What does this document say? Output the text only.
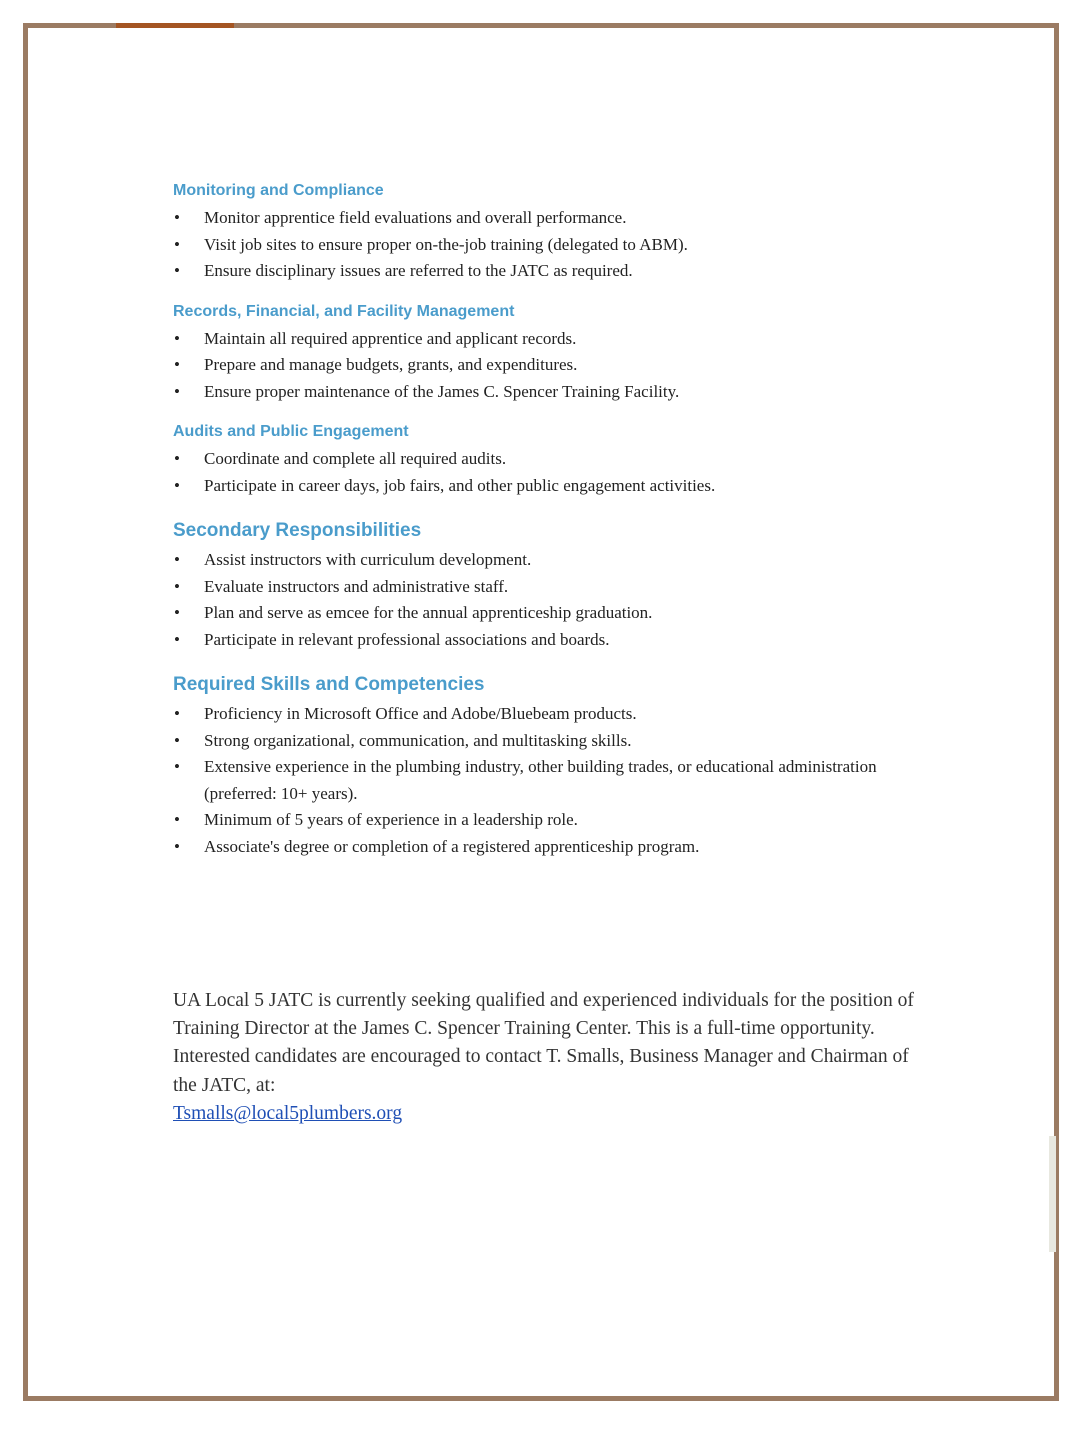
Monitoring and Compliance
• Monitor apprentice field evaluations and overall performance.
• Visit job sites to ensure proper on-the-job training (delegated to ABM).
• Ensure disciplinary issues are referred to the JATC as required.
Records, Financial, and Facility Management
• Maintain all required apprentice and applicant records.
• Prepare and manage budgets, grants, and expenditures.
• Ensure proper maintenance of the James C. Spencer Training Facility.
Audits and Public Engagement
• Coordinate and complete all required audits.
• Participate in career days, job fairs, and other public engagement activities.
Secondary Responsibilities
• Assist instructors with curriculum development.
• Evaluate instructors and administrative staff.
• Plan and serve as emcee for the annual apprenticeship graduation.
• Participate in relevant professional associations and boards.
Required Skills and Competencies
• Proficiency in Microsoft Office and Adobe/Bluebeam products.
• Strong organizational, communication, and multitasking skills.
• Extensive experience in the plumbing industry, other building trades, or educational administration (preferred: 10+ years).
• Minimum of 5 years of experience in a leadership role.
• Associate's degree or completion of a registered apprenticeship program.

UA Local 5 JATC is currently seeking qualified and experienced individuals for the position of Training Director at the James C. Spencer Training Center. This is a full-time opportunity.

Interested candidates are encouraged to contact T. Smalls, Business Manager and Chairman of the JATC, at:

Tsmalls@local5plumbers.org
